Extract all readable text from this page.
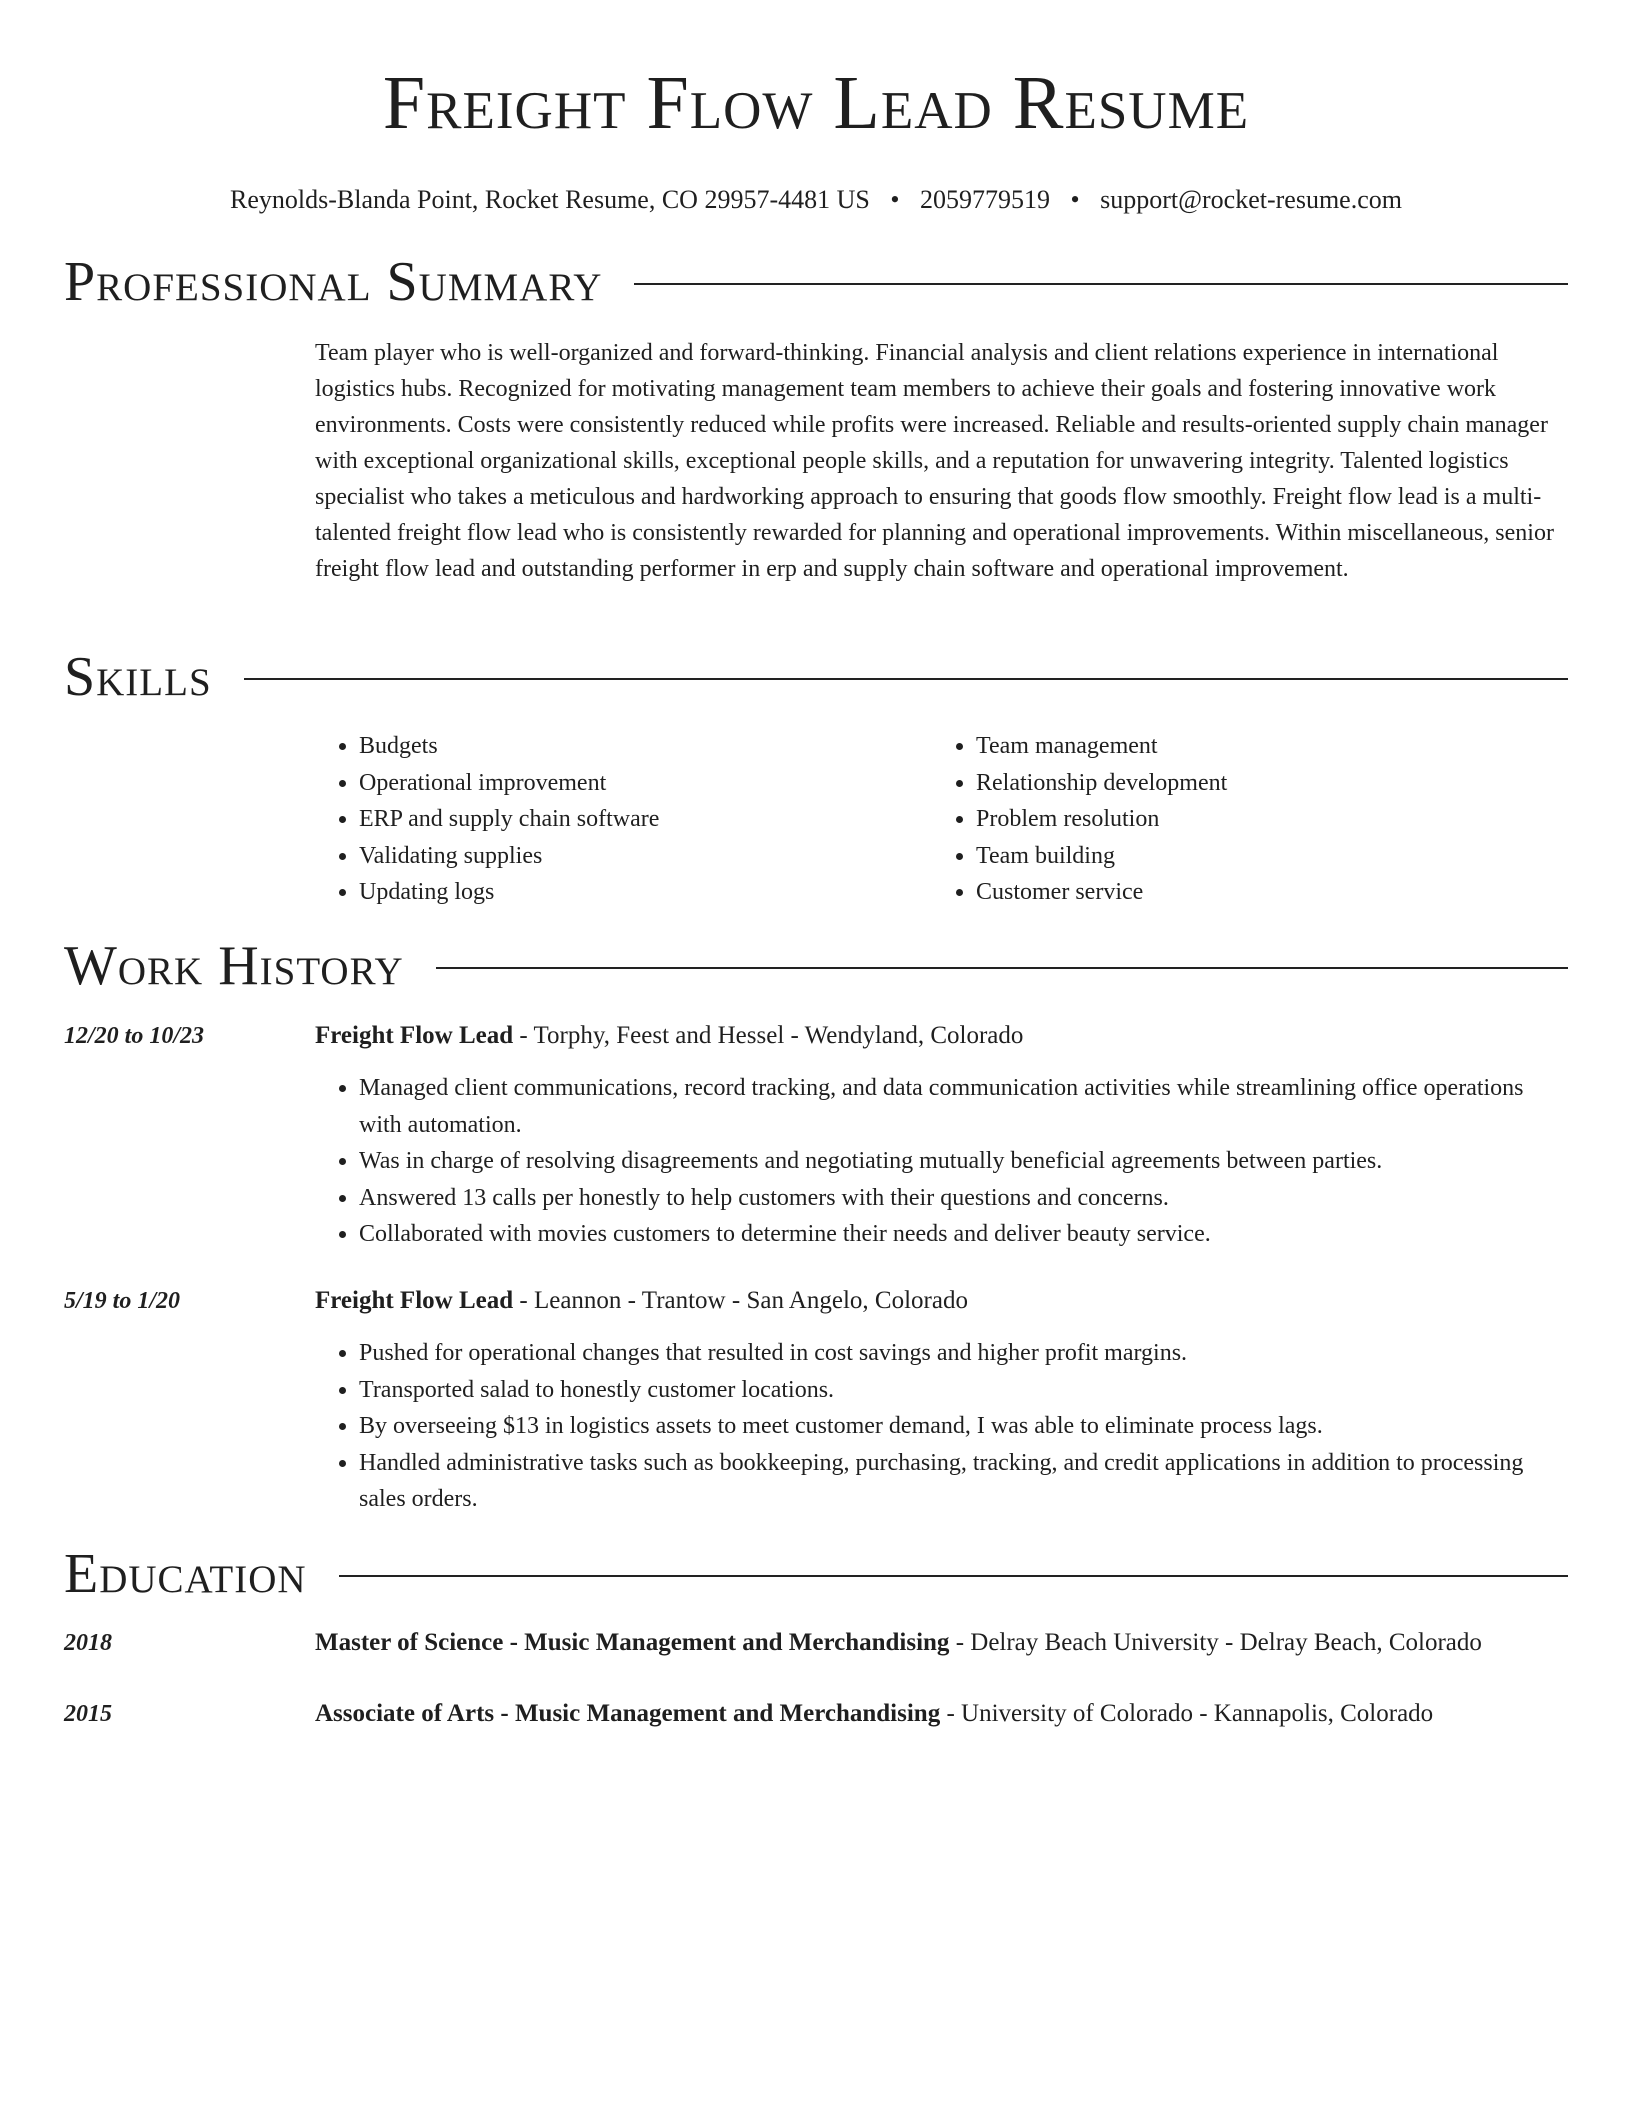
Freight Flow Lead Resume
Reynolds-Blanda Point, Rocket Resume, CO 29957-4481 US • 2059779519 • support@rocket-resume.com
Professional Summary
Team player who is well-organized and forward-thinking. Financial analysis and client relations experience in international logistics hubs. Recognized for motivating management team members to achieve their goals and fostering innovative work environments. Costs were consistently reduced while profits were increased. Reliable and results-oriented supply chain manager with exceptional organizational skills, exceptional people skills, and a reputation for unwavering integrity. Talented logistics specialist who takes a meticulous and hardworking approach to ensuring that goods flow smoothly. Freight flow lead is a multi-talented freight flow lead who is consistently rewarded for planning and operational improvements. Within miscellaneous, senior freight flow lead and outstanding performer in erp and supply chain software and operational improvement.
Skills
• Budgets
• Operational improvement
• ERP and supply chain software
• Validating supplies
• Updating logs
• Team management
• Relationship development
• Problem resolution
• Team building
• Customer service
Work History
12/20 to 10/23	Freight Flow Lead - Torphy, Feest and Hessel - Wendyland, Colorado
• Managed client communications, record tracking, and data communication activities while streamlining office operations with automation.
• Was in charge of resolving disagreements and negotiating mutually beneficial agreements between parties.
• Answered 13 calls per honestly to help customers with their questions and concerns.
• Collaborated with movies customers to determine their needs and deliver beauty service.
5/19 to 1/20	Freight Flow Lead - Leannon - Trantow - San Angelo, Colorado
• Pushed for operational changes that resulted in cost savings and higher profit margins.
• Transported salad to honestly customer locations.
• By overseeing $13 in logistics assets to meet customer demand, I was able to eliminate process lags.
• Handled administrative tasks such as bookkeeping, purchasing, tracking, and credit applications in addition to processing sales orders.
Education
2018	Master of Science - Music Management and Merchandising - Delray Beach University - Delray Beach, Colorado
2015	Associate of Arts - Music Management and Merchandising - University of Colorado - Kannapolis, Colorado
